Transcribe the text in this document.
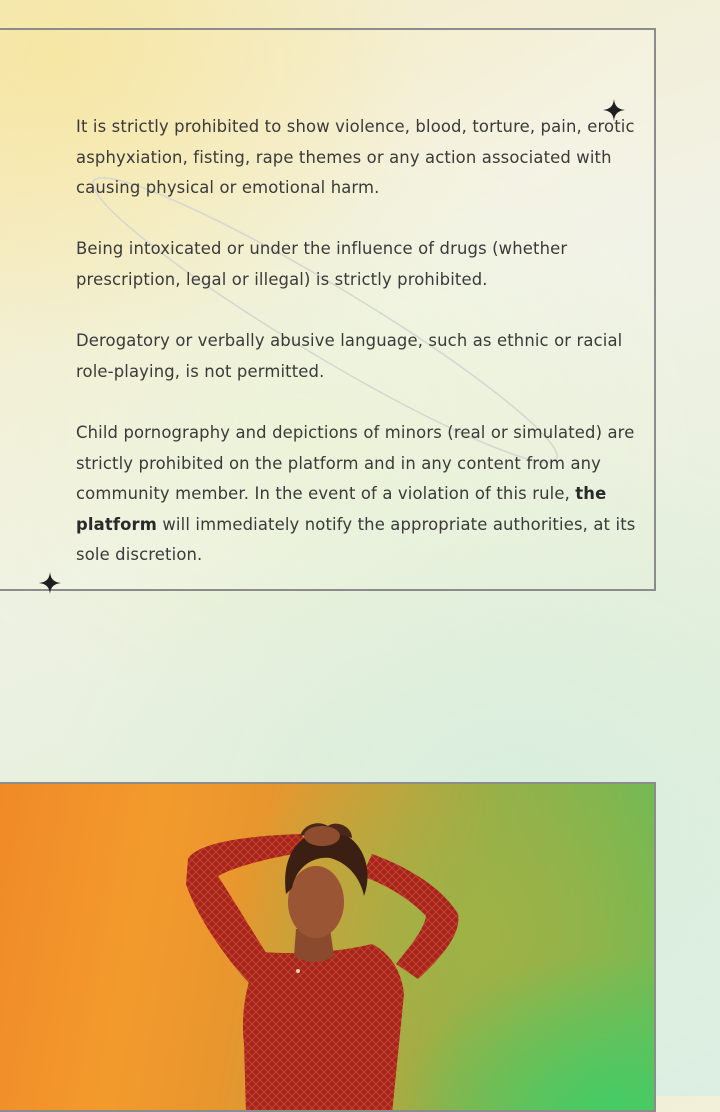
It is strictly prohibited to show violence, blood, torture, pain, erotic asphyxiation, fisting, rape themes or any action associated with causing physical or emotional harm.

Being intoxicated or under the influence of drugs (whether prescription, legal or illegal) is strictly prohibited.

Derogatory or verbally abusive language, such as ethnic or racial role-playing, is not permitted.

Child pornography and depictions of minors (real or simulated) are strictly prohibited on the platform and in any content from any community member. In the event of a violation of this rule, the platform will immediately notify the appropriate authorities, at its sole discretion.
